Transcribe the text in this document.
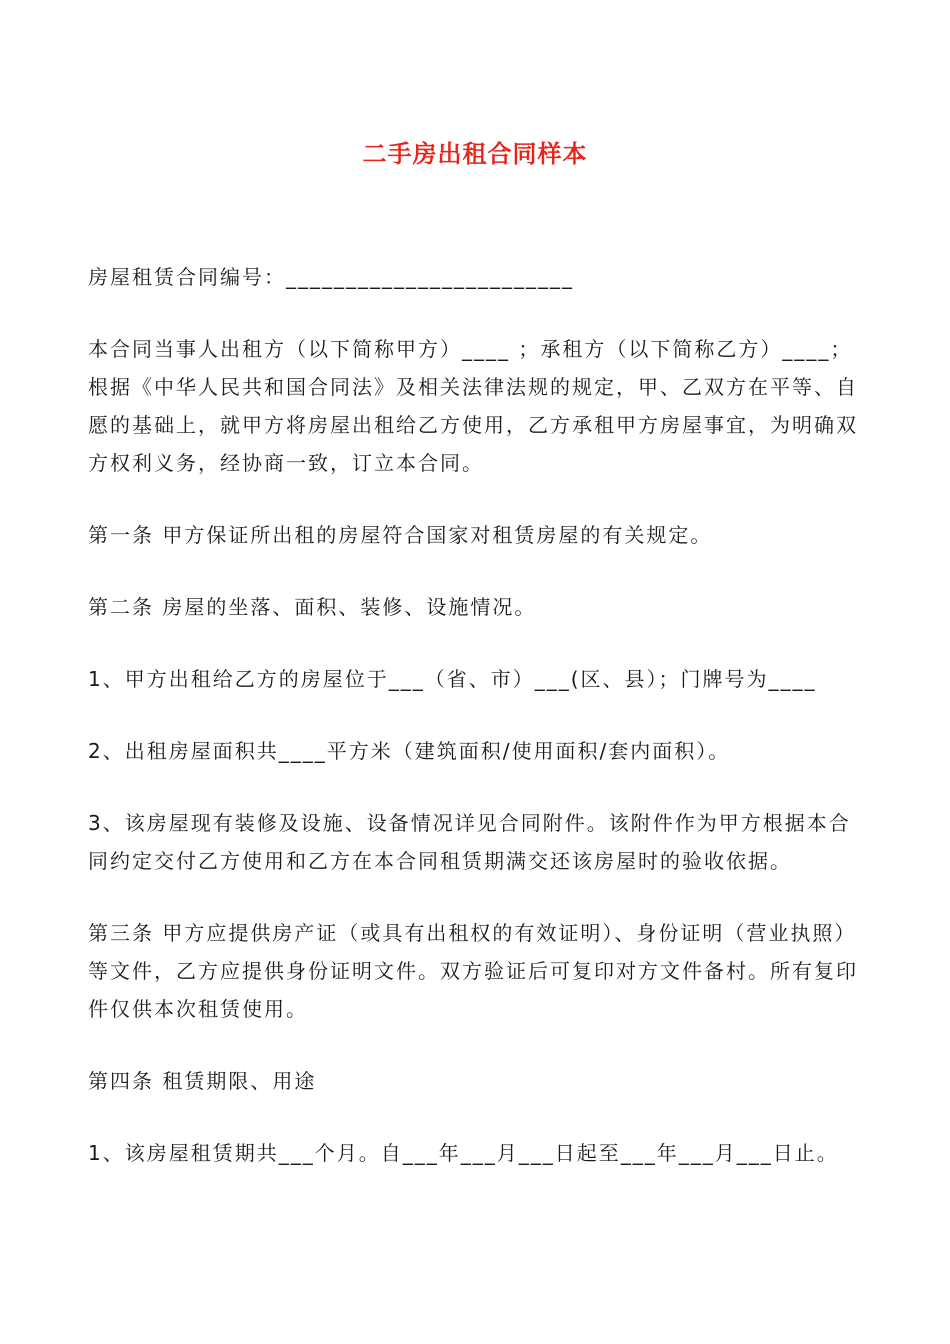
二手房出租合同样本

房屋租赁合同编号：________________________

本合同当事人出租方（以下简称甲方）____ ；承租方（以下简称乙方）____；根据《中华人民共和国合同法》及相关法律法规的规定，甲、乙双方在平等、自愿的基础上，就甲方将房屋出租给乙方使用，乙方承租甲方房屋事宜，为明确双方权利义务，经协商一致，订立本合同。

第一条 甲方保证所出租的房屋符合国家对租赁房屋的有关规定。

第二条 房屋的坐落、面积、装修、设施情况。

1、甲方出租给乙方的房屋位于___（省、市）___(区、县）；门牌号为____

2、出租房屋面积共____平方米（建筑面积/使用面积/套内面积）。

3、该房屋现有装修及设施、设备情况详见合同附件。该附件作为甲方根据本合同约定交付乙方使用和乙方在本合同租赁期满交还该房屋时的验收依据。

第三条 甲方应提供房产证（或具有出租权的有效证明）、身份证明（营业执照）等文件，乙方应提供身份证明文件。双方验证后可复印对方文件备村。所有复印件仅供本次租赁使用。

第四条 租赁期限、用途

1、该房屋租赁期共___个月。自___年___月___日起至___年___月___日止。
